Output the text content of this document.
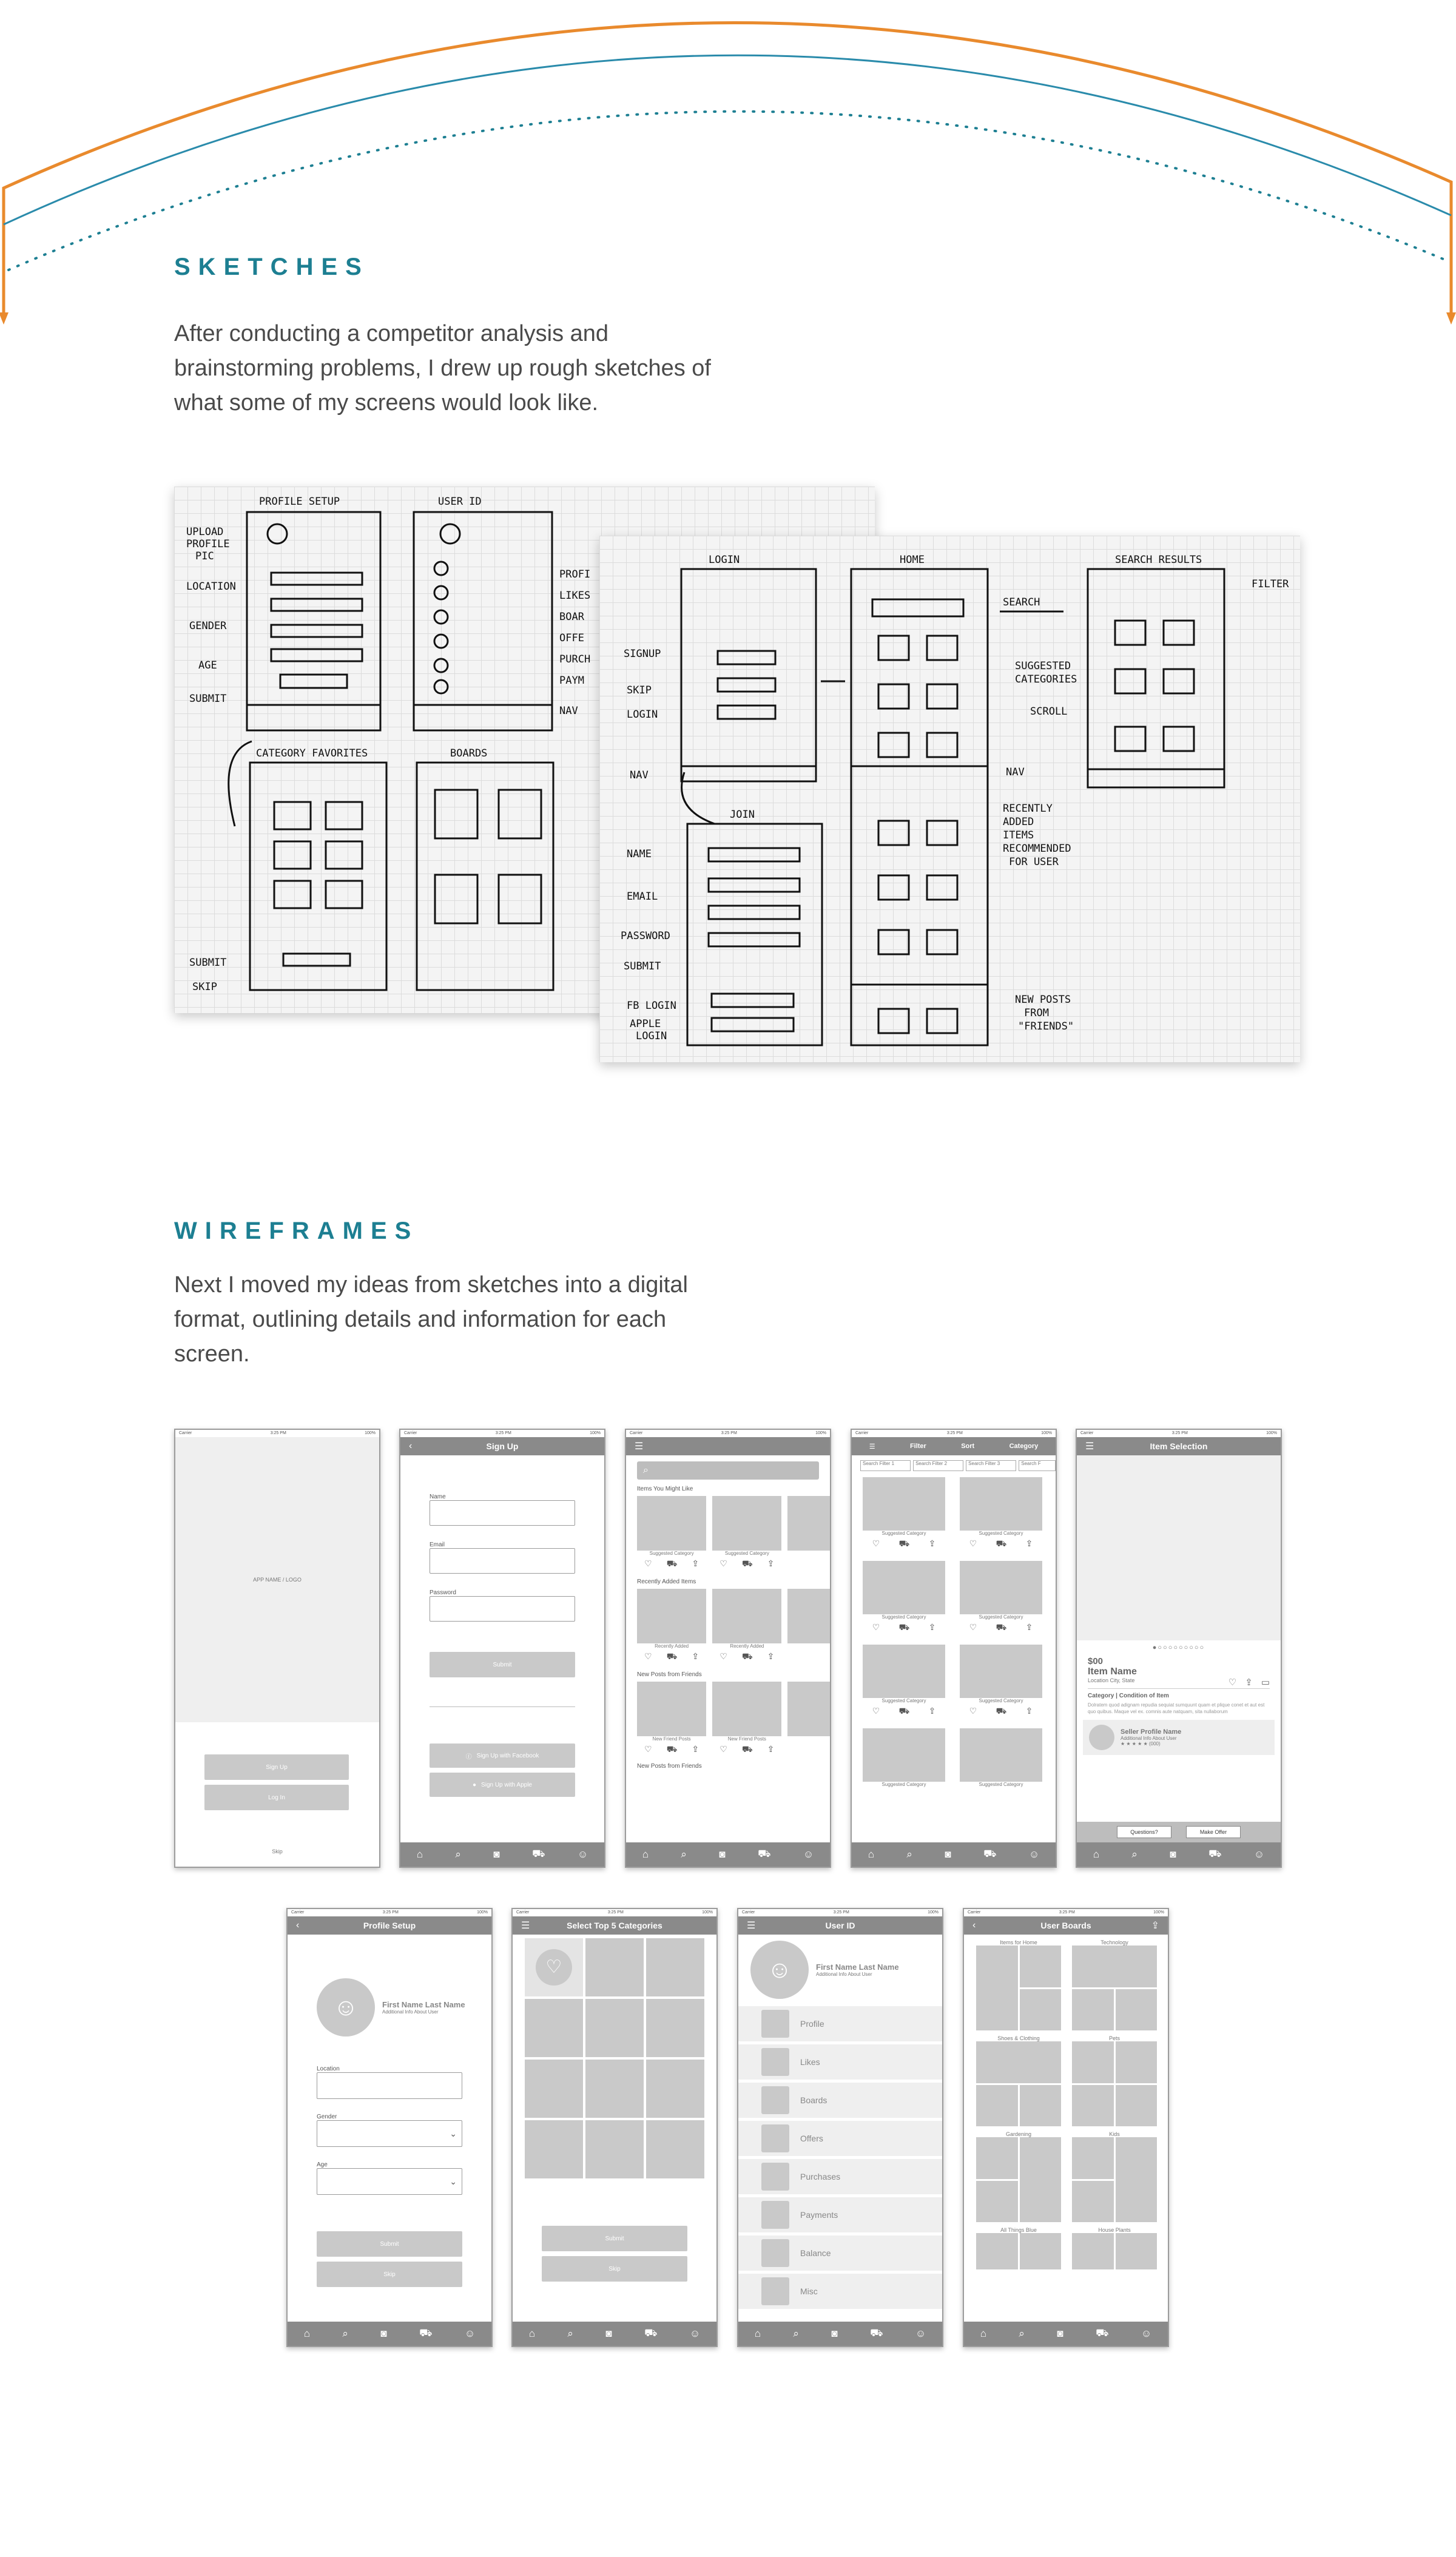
SKETCHES

After conducting a competitor analysis and brainstorming problems, I drew up rough sketches of what some of my screens would look like.

PROFILE SETUP	USER ID
CATEGORY FAVORITES	BOARDS
UPLOAD
PROFILE
PIC
LOCATION
GENDER
AGE
SUBMIT
SUBMIT
SKIP
PROFI
LIKES
BOAR
OFFE
PURCH
PAYM
NAV
LOGIN	HOME	SEARCH RESULTS
JOIN
SIGNUP
SKIP
LOGIN
NAV
NAME
EMAIL
PASSWORD
SUBMIT
FB LOGIN
APPLE
LOGIN
SEARCH
FILTER
SUGGESTED
CATEGORIES
SCROLL
NAV
RECENTLY
ADDED
ITEMS
RECOMMENDED
FOR USER
NEW POSTS
FROM
"FRIENDS"
WIREFRAMES

Next I moved my ideas from sketches into a digital format, outlining details and information for each screen.

Carrier	3:25 PM	100%
APP NAME / LOGO
Sign Up
Log In
Skip
Carrier	3:25 PM	100%
‹	Sign Up
Name
Email
Password
Submit
ⓕ Sign Up with Facebook
● Sign Up with Apple
⌂	⌕	◙	⛟	☺
Carrier	3:25 PM	100%
☰
⌕
Items You Might Like
Suggested Category
♡ ⛟ ⇪
Suggested Category
♡ ⛟ ⇪
Recently Added Items
Recently Added
♡ ⛟ ⇪
Recently Added
♡ ⛟ ⇪
New Posts from Friends
New Friend Posts
♡ ⛟ ⇪
New Friend Posts
♡ ⛟ ⇪
New Posts from Friends
⌂	⌕	◙	⛟	☺
Carrier	3:25 PM	100%
☰	Filter	Sort	Category
Search Filter 1	Search Filter 2	Search Filter 3	Search F
Suggested Category
♡ ⛟ ⇪
Suggested Category
♡ ⛟ ⇪
Suggested Category
♡ ⛟ ⇪
Suggested Category
♡ ⛟ ⇪
Suggested Category
♡ ⛟ ⇪
Suggested Category
♡ ⛟ ⇪
Suggested Category	Suggested Category
⌂	⌕	◙	⛟	☺
Carrier	3:25 PM	100%
☰	Item Selection
●○○○○○○○○○
$00
Item Name
Location City, State	♡ ⇪ ▭
Category | Condition of Item
Dolratem quod adignam repudia sequiat sumquunt quam et plique conet et aut est quo quibus. Maque vel ex. comnis aute natquam, sita nullaborum
Seller Profile Name
Additional Info About User
★ ★ ★ ★ ★ (000)
Questions?	Make Offer
⌂	⌕	◙	⛟	☺
Carrier	3:25 PM	100%
‹	Profile Setup
☺	First Name Last Name
Additional Info About User
Location
Gender
⌄
Age
⌄
Submit
Skip
⌂	⌕	◙	⛟	☺
Carrier	3:25 PM	100%
☰	Select Top 5 Categories
♡
Submit
Skip
⌂	⌕	◙	⛟	☺
Carrier	3:25 PM	100%
☰	User ID
☺	First Name Last Name
Additional Info About User
Profile
Likes
Boards
Offers
Purchases
Payments
Balance
Misc
⌂	⌕	◙	⛟	☺
Carrier	3:25 PM	100%
‹	User Boards	⇪
Items for Home	Technology
Shoes & Clothing	Pets
Gardening	Kids
All Things Blue	House Plants
⌂	⌕	◙	⛟	☺
